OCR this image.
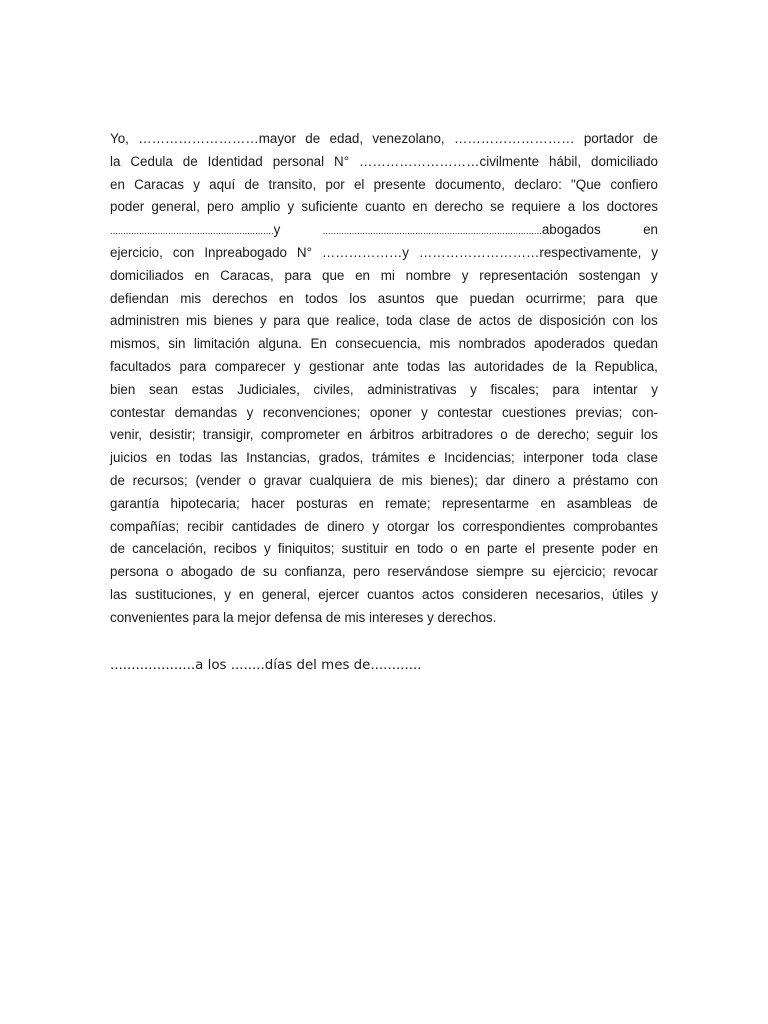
Yo, ………………………mayor de edad, venezolano, ……………………… portador de
la Cedula de Identidad personal N° ………………………civilmente hábil, domiciliado
en Caracas y aquí de transito, por el presente documento, declaro: "Que confiero
poder general, pero amplio y suficiente cuanto en derecho se requiere a los doctores
..............................................................y	...................................................................................abogados	en
ejercicio, con Inpreabogado N° ………………y ………………………respectivamente, y
domiciliados en Caracas, para que en mi nombre y representación sostengan y
defiendan mis derechos en todos los asuntos que puedan ocurrirme; para que
administren mis bienes y para que realice, toda clase de actos de disposición con los
mismos, sin limitación alguna. En consecuencia, mis nombrados apoderados quedan
facultados para comparecer y gestionar ante todas las autoridades de la Republica,
bien sean estas Judiciales, civiles, administrativas y fiscales; para intentar y
contestar demandas y reconvenciones; oponer y contestar cuestiones previas; con-
venir, desistir; transigir, comprometer en árbitros arbitradores o de derecho; seguir los
juicios en todas las Instancias, grados, trámites e Incidencias; interponer toda clase
de recursos; (vender o gravar cualquiera de mis bienes); dar dinero a préstamo con
garantía hipotecaria; hacer posturas en remate; representarme en asambleas de
compañías; recibir cantidades de dinero y otorgar los correspondientes comprobantes
de cancelación, recibos y finiquitos; sustituir en todo o en parte el presente poder en
persona o abogado de su confianza, pero reservándose siempre su ejercicio; revocar
las sustituciones, y en general, ejercer cuantos actos consideren necesarios, útiles y
convenientes para la mejor defensa de mis intereses y derechos.
....................a los ........días del mes de............
